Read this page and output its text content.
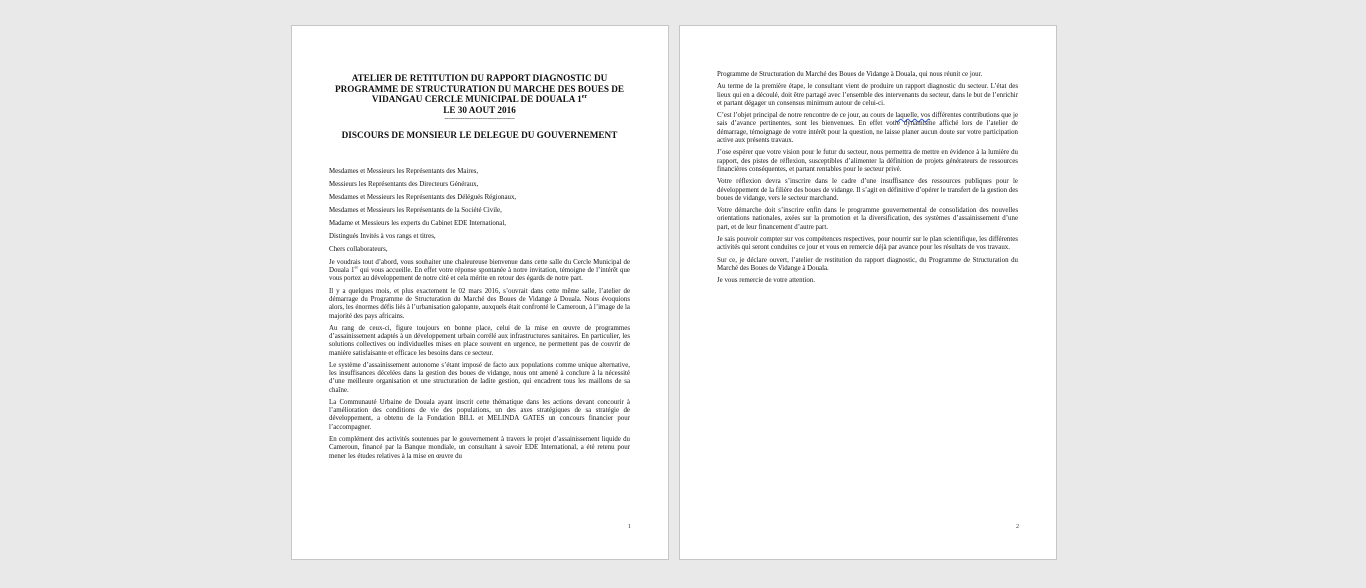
ATELIER DE RETITUTION DU RAPPORT DIAGNOSTIC DU PROGRAMME DE STRUCTURATION DU MARCHE DES BOUES DE VIDANGAU CERCLE MUNICIPAL DE DOUALA 1er
LE 30 AOUT 2016
---------------------------------------
DISCOURS DE MONSIEUR LE DELEGUE DU GOUVERNEMENT
Mesdames et Messieurs les Représentants des Maires,
Messieurs les Représentants des Directeurs Généraux,
Mesdames et Messieurs les Représentants des Délégués Régionaux,
Mesdames et Messieurs les Représentants de la Société Civile,
Madame et Messieurs les experts du Cabinet EDE International,
Distingués Invités à vos rangs et titres,
Chers collaborateurs,

Je voudrais tout d’abord, vous souhaiter une chaleureuse bienvenue dans cette salle du Cercle Municipal de Douala 1er qui vous accueille. En effet votre réponse spontanée à notre invitation, témoigne de l’intérêt que vous portez au développement de notre cité et cela mérite en retour des égards de notre part.

Il y a quelques mois, et plus exactement le 02 mars 2016, s’ouvrait dans cette même salle, l’atelier de démarrage du Programme de Structuration du Marché des Boues de Vidange à Douala. Nous évoquions alors, les énormes défis liés à l’urbanisation galopante, auxquels était confronté le Cameroun, à l’image de la majorité des pays africains.

Au rang de ceux-ci, figure toujours en bonne place, celui de la mise en œuvre de programmes d’assainissement adaptés à un développement urbain corrélé aux infrastructures sanitaires. En particulier, les solutions collectives ou individuelles mises en place souvent en urgence, ne permettent pas de couvrir de manière satisfaisante et efficace les besoins dans ce secteur.

Le système d’assainissement autonome s’étant imposé de facto aux populations comme unique alternative, les insuffisances décelées dans la gestion des boues de vidange, nous ont amené à conclure à la nécessité d’une meilleure organisation et une structuration de ladite gestion, qui encadrent tous les maillons de sa chaîne.

La Communauté Urbaine de Douala ayant inscrit cette thématique dans les actions devant concourir à l’amélioration des conditions de vie des populations, un des axes stratégiques de sa stratégie de développement, a obtenu de la Fondation BILL et MELINDA GATES un concours financier pour l’accompagner.

En complément des activités soutenues par le gouvernement à travers le projet d’assainissement liquide du Cameroun, financé par la Banque mondiale, un consultant à savoir EDE International, a été retenu pour mener les études relatives à la mise en œuvre du

1

Programme de Structuration du Marché des Boues de Vidange à Douala, qui nous réunit ce jour.

Au terme de la première étape, le consultant vient de produire un rapport diagnostic du secteur. L’état des lieux qui en a découlé, doit être partagé avec l’ensemble des intervenants du secteur, dans le but de l’enrichir et partant dégager un consensus minimum autour de celui-ci.

C’est l’objet principal de notre rencontre de ce jour, au cours de laquelle, vos différentes contributions que je sais d’avance pertinentes, sont les bienvenues. En effet votre dynamisme affiché lors de l’atelier de démarrage, témoignage de votre intérêt pour la question, ne laisse planer aucun doute sur votre participation active aux présents travaux.

J’ose espérer que votre vision pour le futur du secteur, nous permettra de mettre en évidence à la lumière du rapport, des pistes de réflexion, susceptibles d’alimenter la définition de projets générateurs de ressources financières conséquentes, et partant rentables pour le secteur privé.

Votre réflexion devra s’inscrire dans le cadre d’une insuffisance des ressources publiques pour le développement de la filière des boues de vidange. Il s’agit en définitive d’opérer le transfert de la gestion des boues de vidange, vers le secteur marchand.

Votre démarche doit s’inscrire enfin dans le programme gouvernemental de consolidation des nouvelles orientations nationales, axées sur la promotion et la diversification, des systèmes d’assainissement d’une part, et de leur financement d’autre part.

Je sais pouvoir compter sur vos compétences respectives, pour nourrir sur le plan scientifique, les différentes activités qui seront conduites ce jour et vous en remercie déjà par avance pour les résultats de vos travaux.

Sur ce, je déclare ouvert, l’atelier de restitution du rapport diagnostic, du Programme de Structuration du Marché des Boues de Vidange à Douala.

Je vous remercie de votre attention.

2
